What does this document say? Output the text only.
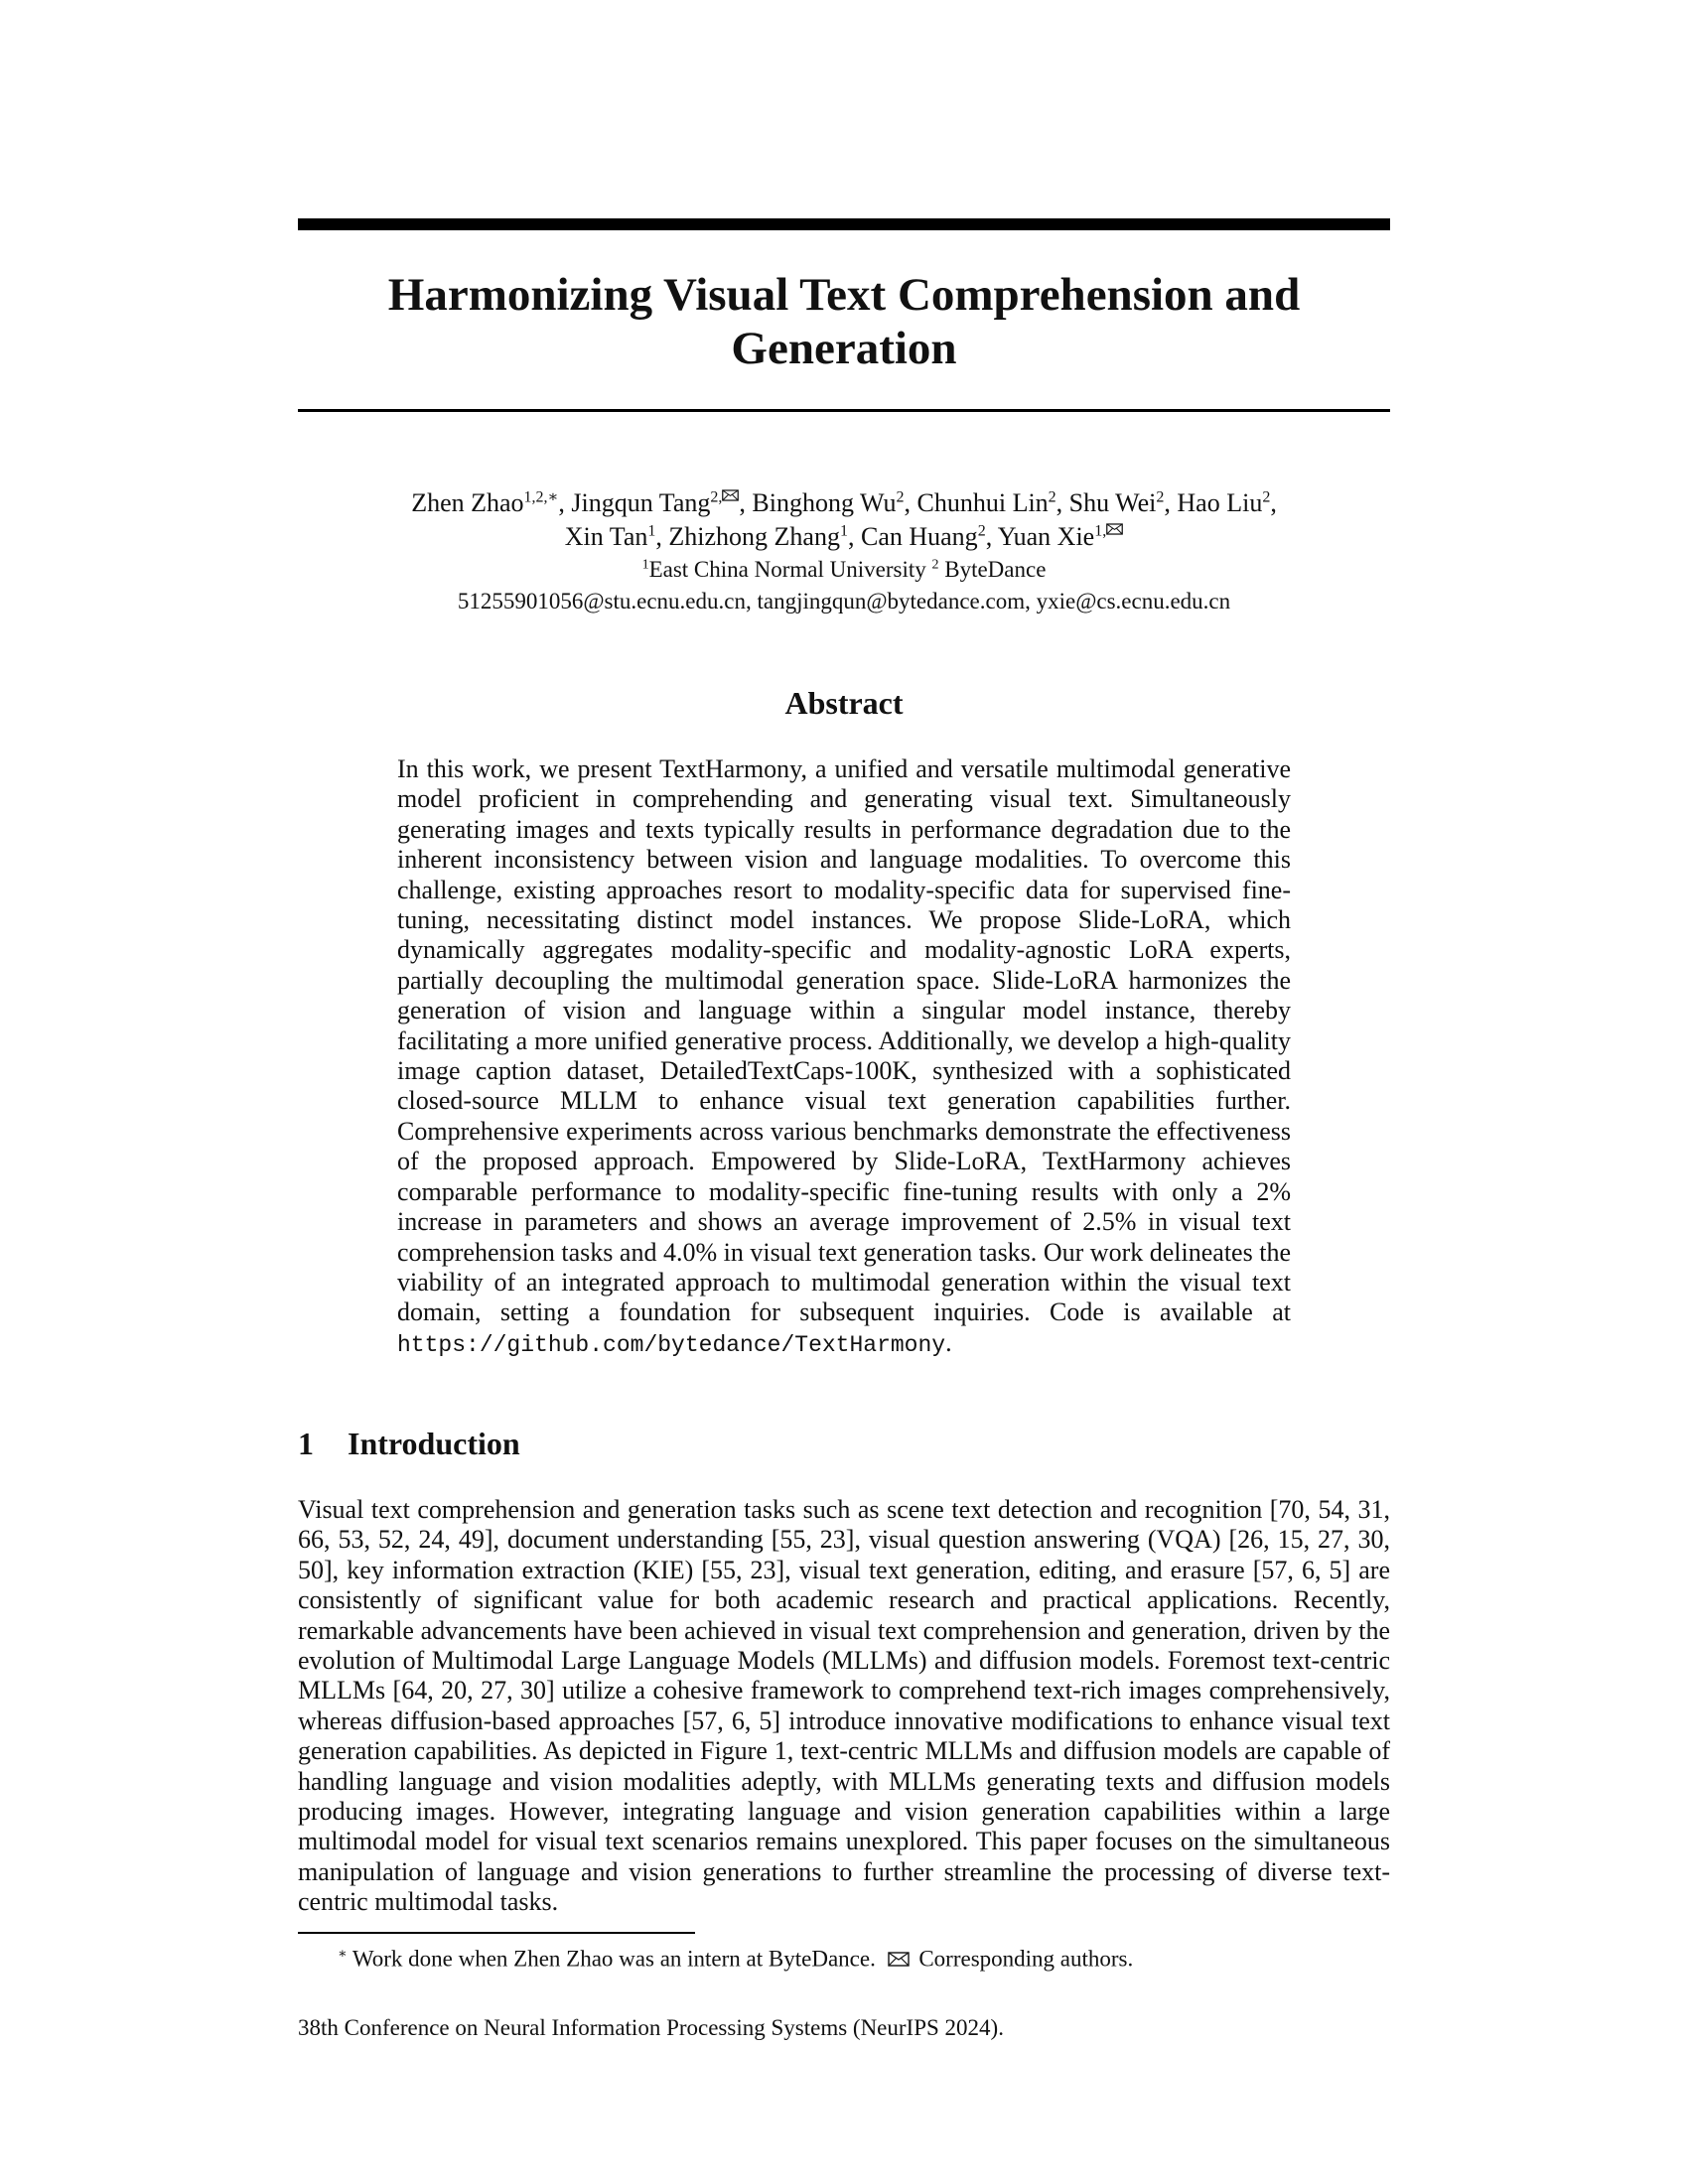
Harmonizing Visual Text Comprehension and Generation
Zhen Zhao$^{1,2,∗}$, Jingqun Tang$^{2,}$ , Binghong Wu$^2$, Chunhui Lin$^2$, Shu Wei$^2$, Hao Liu$^2$,
Xin Tan$^1$, Zhizhong Zhang$^1$, Can Huang$^2$, Yuan Xie$^{1,}$
$^1$East China Normal University $^2$ ByteDance
51255901056@stu.ecnu.edu.cn, tangjingqun@bytedance.com, yxie@cs.ecnu.edu.cn
Abstract
In this work, we present TextHarmony, a unified and versatile multimodal generative model proficient in comprehending and generating visual text. Simultaneously generating images and texts typically results in performance degradation due to the inherent inconsistency between vision and language modalities. To overcome this challenge, existing approaches resort to modality-specific data for supervised fine-tuning, necessitating distinct model instances. We propose Slide-LoRA, which dynamically aggregates modality-specific and modality-agnostic LoRA experts, partially decoupling the multimodal generation space. Slide-LoRA harmonizes the generation of vision and language within a singular model instance, thereby facilitating a more unified generative process. Additionally, we develop a high-quality image caption dataset, DetailedTextCaps-100K, synthesized with a sophisticated closed-source MLLM to enhance visual text generation capabilities further. Comprehensive experiments across various benchmarks demonstrate the effectiveness of the proposed approach. Empowered by Slide-LoRA, TextHarmony achieves comparable performance to modality-specific fine-tuning results with only a 2% increase in parameters and shows an average improvement of 2.5% in visual text comprehension tasks and 4.0% in visual text generation tasks. Our work delineates the viability of an integrated approach to multimodal generation within the visual text domain, setting a foundation for subsequent inquiries. Code is available at https://github.com/bytedance/TextHarmony.
1 Introduction
Visual text comprehension and generation tasks such as scene text detection and recognition [70, 54, 31, 66, 53, 52, 24, 49], document understanding [55, 23], visual question answering (VQA) [26, 15, 27, 30, 50], key information extraction (KIE) [55, 23], visual text generation, editing, and erasure [57, 6, 5] are consistently of significant value for both academic research and practical applications. Recently, remarkable advancements have been achieved in visual text comprehension and generation, driven by the evolution of Multimodal Large Language Models (MLLMs) and diffusion models. Foremost text-centric MLLMs [64, 20, 27, 30] utilize a cohesive framework to comprehend text-rich images comprehensively, whereas diffusion-based approaches [57, 6, 5] introduce innovative modifications to enhance visual text generation capabilities. As depicted in Figure 1, text-centric MLLMs and diffusion models are capable of handling language and vision modalities adeptly, with MLLMs generating texts and diffusion models producing images. However, integrating language and vision generation capabilities within a large multimodal model for visual text scenarios remains unexplored. This paper focuses on the simultaneous manipulation of language and vision generations to further streamline the processing of diverse text-centric multimodal tasks.
∗ Work done when Zhen Zhao was an intern at ByteDance. Corresponding authors.
38th Conference on Neural Information Processing Systems (NeurIPS 2024).
